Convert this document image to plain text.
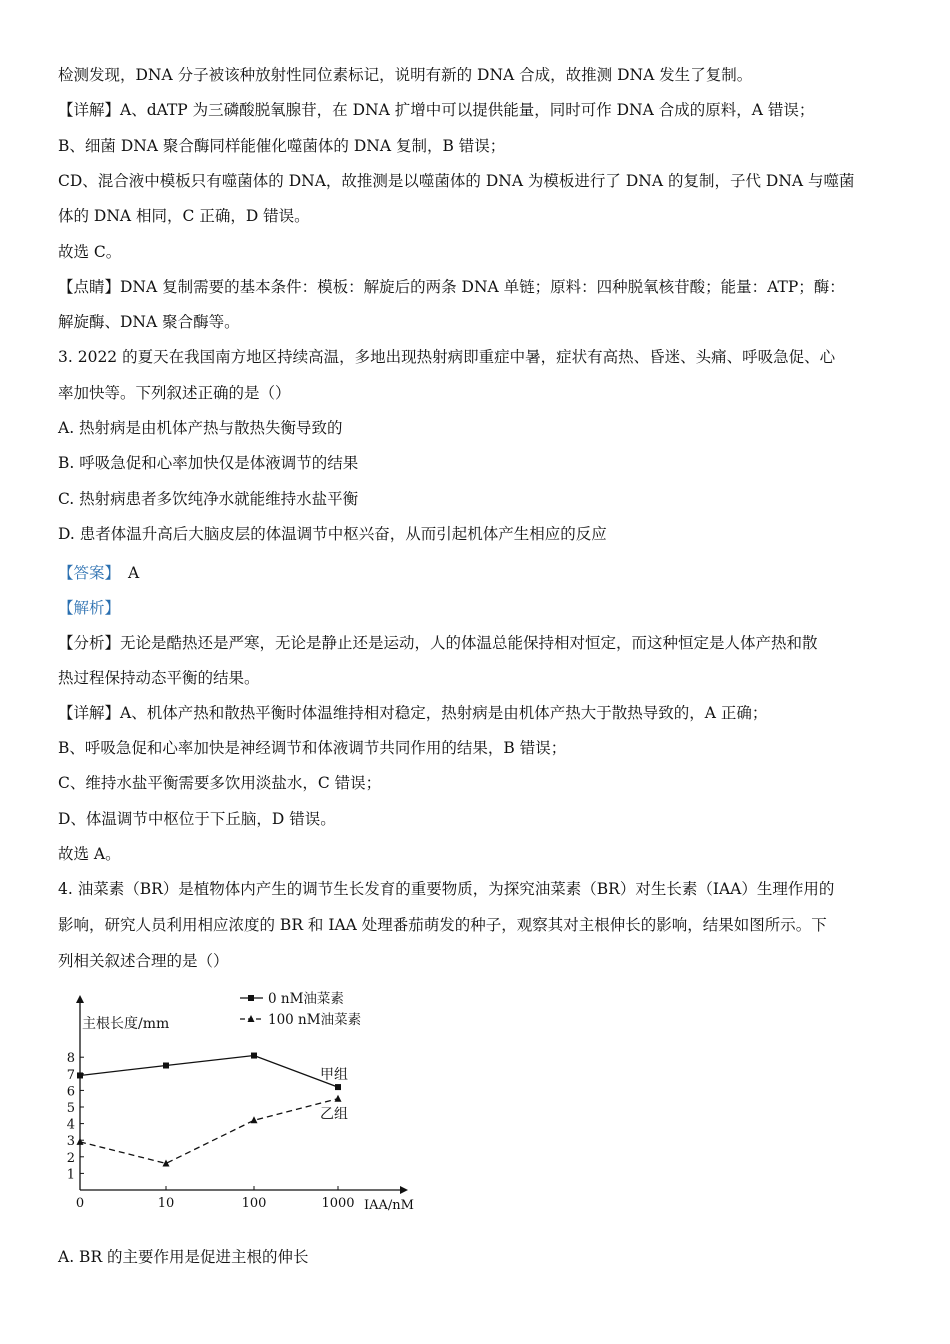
检测发现，DNA 分子被该种放射性同位素标记，说明有新的 DNA 合成，故推测 DNA 发生了复制。
【详解】A、dATP 为三磷酸脱氧腺苷，在 DNA 扩增中可以提供能量，同时可作 DNA 合成的原料，A 错误；
B、细菌 DNA 聚合酶同样能催化噬菌体的 DNA 复制，B 错误；
CD、混合液中模板只有噬菌体的 DNA，故推测是以噬菌体的 DNA 为模板进行了 DNA 的复制，子代 DNA 与噬菌
体的 DNA 相同，C 正确，D 错误。
故选 C。
【点睛】DNA 复制需要的基本条件：模板：解旋后的两条 DNA 单链；原料：四种脱氧核苷酸；能量：ATP；酶：
解旋酶、DNA 聚合酶等。
3. 2022 的夏天在我国南方地区持续高温，多地出现热射病即重症中暑，症状有高热、昏迷、头痛、呼吸急促、心
率加快等。下列叙述正确的是（）
A. 热射病是由机体产热与散热失衡导致的
B. 呼吸急促和心率加快仅是体液调节的结果
C. 热射病患者多饮纯净水就能维持水盐平衡
D. 患者体温升高后大脑皮层的体温调节中枢兴奋，从而引起机体产生相应的反应
【答案】 A
【解析】
【分析】无论是酷热还是严寒，无论是静止还是运动，人的体温总能保持相对恒定，而这种恒定是人体产热和散
热过程保持动态平衡的结果。
【详解】A、机体产热和散热平衡时体温维持相对稳定，热射病是由机体产热大于散热导致的，A 正确；
B、呼吸急促和心率加快是神经调节和体液调节共同作用的结果，B 错误；
C、维持水盐平衡需要多饮用淡盐水，C 错误；
D、体温调节中枢位于下丘脑，D 错误。
故选 A。
4. 油菜素（BR）是植物体内产生的调节生长发育的重要物质，为探究油菜素（BR）对生长素（IAA）生理作用的
影响，研究人员利用相应浓度的 BR 和 IAA 处理番茄萌发的种子，观察其对主根伸长的影响，结果如图所示。下
列相关叙述合理的是（）
A. BR 的主要作用是促进主根的伸长
主根长度/mm
IAA/nM
1
2
3
4
5
6
7
8
0	10	100	1000
甲组
乙组
0 nM油菜素
100 nM油菜素
